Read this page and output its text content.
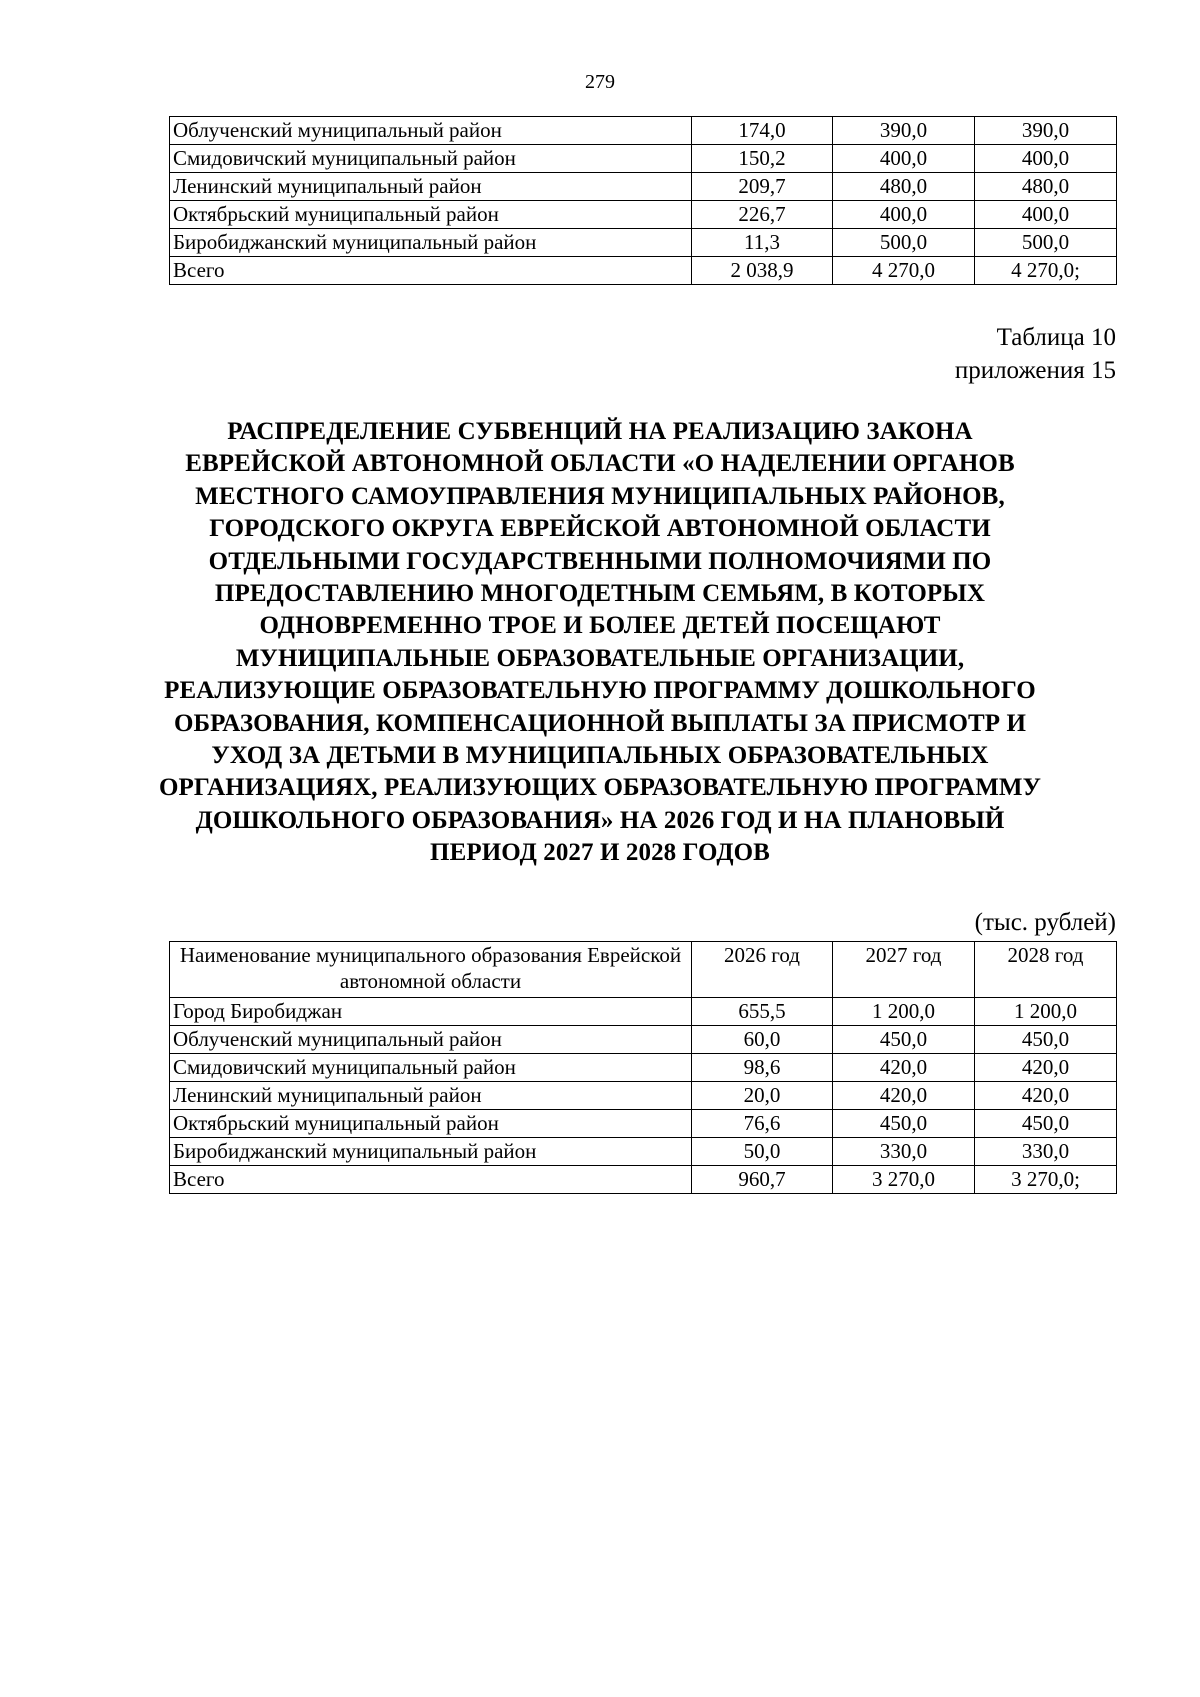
279
Облученский муниципальный район	174,0	390,0	390,0
Смидовичский муниципальный район	150,2	400,0	400,0
Ленинский муниципальный район	209,7	480,0	480,0
Октябрьский муниципальный район	226,7	400,0	400,0
Биробиджанский муниципальный район	11,3	500,0	500,0
Всего	2 038,9	4 270,0	4 270,0;
Таблица 10
приложения 15
РАСПРЕДЕЛЕНИЕ СУБВЕНЦИЙ НА РЕАЛИЗАЦИЮ ЗАКОНА ЕВРЕЙСКОЙ АВТОНОМНОЙ ОБЛАСТИ «О НАДЕЛЕНИИ ОРГАНОВ МЕСТНОГО САМОУПРАВЛЕНИЯ МУНИЦИПАЛЬНЫХ РАЙОНОВ, ГОРОДСКОГО ОКРУГА ЕВРЕЙСКОЙ АВТОНОМНОЙ ОБЛАСТИ ОТДЕЛЬНЫМИ ГОСУДАРСТВЕННЫМИ ПОЛНОМОЧИЯМИ ПО ПРЕДОСТАВЛЕНИЮ МНОГОДЕТНЫМ СЕМЬЯМ, В КОТОРЫХ ОДНОВРЕМЕННО ТРОЕ И БОЛЕЕ ДЕТЕЙ ПОСЕЩАЮТ МУНИЦИПАЛЬНЫЕ ОБРАЗОВАТЕЛЬНЫЕ ОРГАНИЗАЦИИ, РЕАЛИЗУЮЩИЕ ОБРАЗОВАТЕЛЬНУЮ ПРОГРАММУ ДОШКОЛЬНОГО ОБРАЗОВАНИЯ, КОМПЕНСАЦИОННОЙ ВЫПЛАТЫ ЗА ПРИСМОТР И УХОД ЗА ДЕТЬМИ В МУНИЦИПАЛЬНЫХ ОБРАЗОВАТЕЛЬНЫХ ОРГАНИЗАЦИЯХ, РЕАЛИЗУЮЩИХ ОБРАЗОВАТЕЛЬНУЮ ПРОГРАММУ ДОШКОЛЬНОГО ОБРАЗОВАНИЯ» НА 2026 ГОД И НА ПЛАНОВЫЙ ПЕРИОД 2027 И 2028 ГОДОВ
(тыс. рублей)
Наименование муниципального образования Еврейской автономной области	2026 год	2027 год	2028 год
Город Биробиджан	655,5	1 200,0	1 200,0
Облученский муниципальный район	60,0	450,0	450,0
Смидовичский муниципальный район	98,6	420,0	420,0
Ленинский муниципальный район	20,0	420,0	420,0
Октябрьский муниципальный район	76,6	450,0	450,0
Биробиджанский муниципальный район	50,0	330,0	330,0
Всего	960,7	3 270,0	3 270,0;
